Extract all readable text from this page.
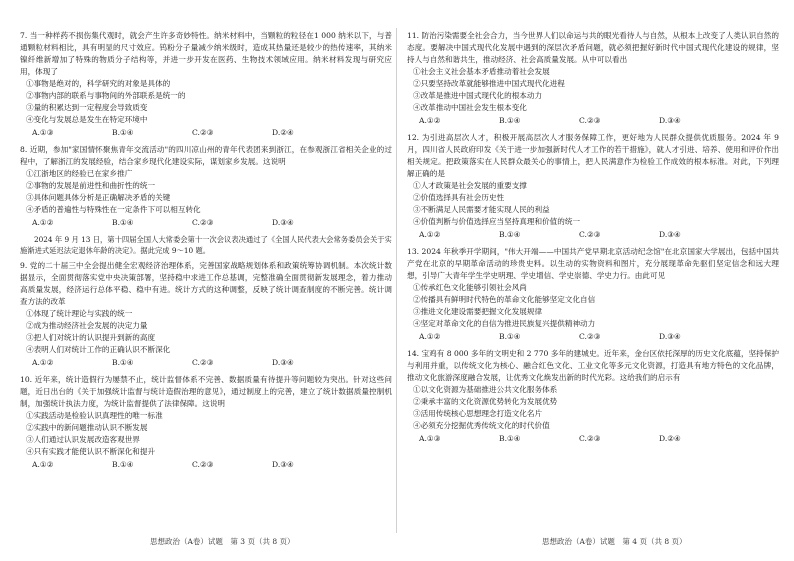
7. 当一种样药不损伤集代观时，就会产生许多奇妙特性。纳米材料中，当颗粒的粒径在1 000 纳米以下，与普通颗粒材料相比，具有明显的尺寸效应。钨粉分子量减少纳米级时，造成其热量还是较少的热传速率，其纳米镍纤维新增加了特殊的物质分子结构等，并进一步开发在医药、生物技术领域应用。纳米材料发现与研究应用，体现了

①事物是绝对的，科学研究的对象是具体的

②事物内部的联系与事物间的外部联系是统一的

③量的积累达到一定程度会导致质变

④变化与发展总是发生在特定环境中

A.①③	B.①④	C.②③	D.②④

8. 近期，参加"家国情怀聚焦青年交流活动"的四川凉山州的青年代表团来到浙江，在参观浙江省相关企业的过程中，了解浙江的发展经验，结合家乡现代化建设实际，谋划家乡发展。这说明

①江浙地区的经验已在家乡推广

②事物的发展是前进性和曲折性的统一

③具体问题具体分析是正确解决矛盾的关键

④矛盾的普遍性与特殊性在一定条件下可以相互转化

A.①②	B.①④	C.②③	D.③④

2024 年 9 月 13 日，第十四届全国人大常委会第十一次会议表决通过了《全国人民代表大会常务委员会关于实施渐进式延迟法定退休年龄的决定》。据此完成 9～10 题。

9. 党的二十届三中全会提出健全宏观经济治理体系，完善国家战略规划体系和政策统筹协调机制。本次统计数据显示，全面贯彻落实党中央决策部署，坚持稳中求进工作总基调，完整准确全面贯彻新发展理念，着力推动高质量发展，经济运行总体平稳、稳中有进。统计方式的这种调整，反映了统计调查制度的不断完善。统计调查方法的改革

①体现了统计理论与实践的统一

②成为推动经济社会发展的决定力量

③把人们对统计的认识提升到新的高度

④表明人们对统计工作的正确认识不断深化

A.①②	B.①④	C.②③	D.③④

10. 近年来，统计造假行为屡禁不止，统计监督体系不完善、数据质量有待提升等问题较为突出。针对这些问题，近日出台的《关于加强统计监督与统计造假治理的意见》，通过制度上的完善，建立了统计数据质量控制机制，加强统计执法力度，为统计监督提供了法律保障。这说明

①实践活动是检验认识真理性的唯一标准

②实践中的新问题推动认识不断发展

③人们通过认识发展改造客观世界

④只有实践才能使认识不断深化和提升

A.①②	B.①④	C.②③	D.③④

11. 防治污染需要全社会合力，当今世界人们以命运与共的眼光看待人与自然，从根本上改变了人类认识自然的态度。要解决中国式现代化发展中遇到的深层次矛盾问题，就必须把握好新时代中国式现代化建设的规律，坚持人与自然和谐共生，推动经济、社会高质量发展。从中可以看出

①社会主义社会基本矛盾推动着社会发展

②只要坚持改革就能够推进中国式现代化进程

③改革是推进中国式现代化的根本动力

④改革推动中国社会发生根本变化

A.①②	B.①④	C.②③	D.③④

12. 为引进高层次人才，积极开展高层次人才服务保障工作，更好地为人民群众提供优质服务。2024 年 9 月，四川省人民政府印发《关于进一步加强新时代人才工作的若干措施》，就人才引进、培养、使用和评价作出相关规定。把政策落实在人民群众最关心的事情上，把人民满意作为检验工作成效的根本标准。对此，下列理解正确的是

①人才政策是社会发展的重要支撑

②价值选择具有社会历史性

③不断满足人民需要才能实现人民的利益

④价值判断与价值选择应当坚持真理和价值的统一

A.①②	B.①④	C.②③	D.③④

13. 2024 年秋季开学期间，"伟大开端——中国共产党早期北京活动纪念馆"在北京国家大学展出，包括中国共产党在北京的早期革命活动的珍贵史料。以生动的实物资料和图片，充分展现革命先驱们坚定信念和远大理想，引导广大青年学生学史明理、学史增信、学史崇德、学史力行。由此可见

①传承红色文化能够引领社会风尚

②传播具有鲜明时代特色的革命文化能够坚定文化自信

③推进文化建设需要把握文化发展规律

④坚定对革命文化的自信为推进民族复兴提供精神动力

A.①②	B.①④	C.②③	D.③④

14. 宝鸡有 8 000 多年的文明史和 2 770 多年的建城史。近年来，金台区依托深厚的历史文化底蕴，坚持保护与利用并重，以传统文化为核心、融合红色文化、工业文化等多元文化资源，打造具有地方特色的文化品牌，推动文化旅游深度融合发展，让优秀文化焕发出新的时代光彩。这给我们的启示有

①以文化资源为基础推进公共文化服务体系

②秉承丰富的文化资源优势转化为发展优势

③活用传统核心思想理念打造文化名片

④必须充分挖掘优秀传统文化的时代价值

A.①③	B.①④	C.②③	D.②④
思想政治（A卷）试题　第 3 页（共 8 页）	思想政治（A卷）试题　第 4 页（共 8 页）
